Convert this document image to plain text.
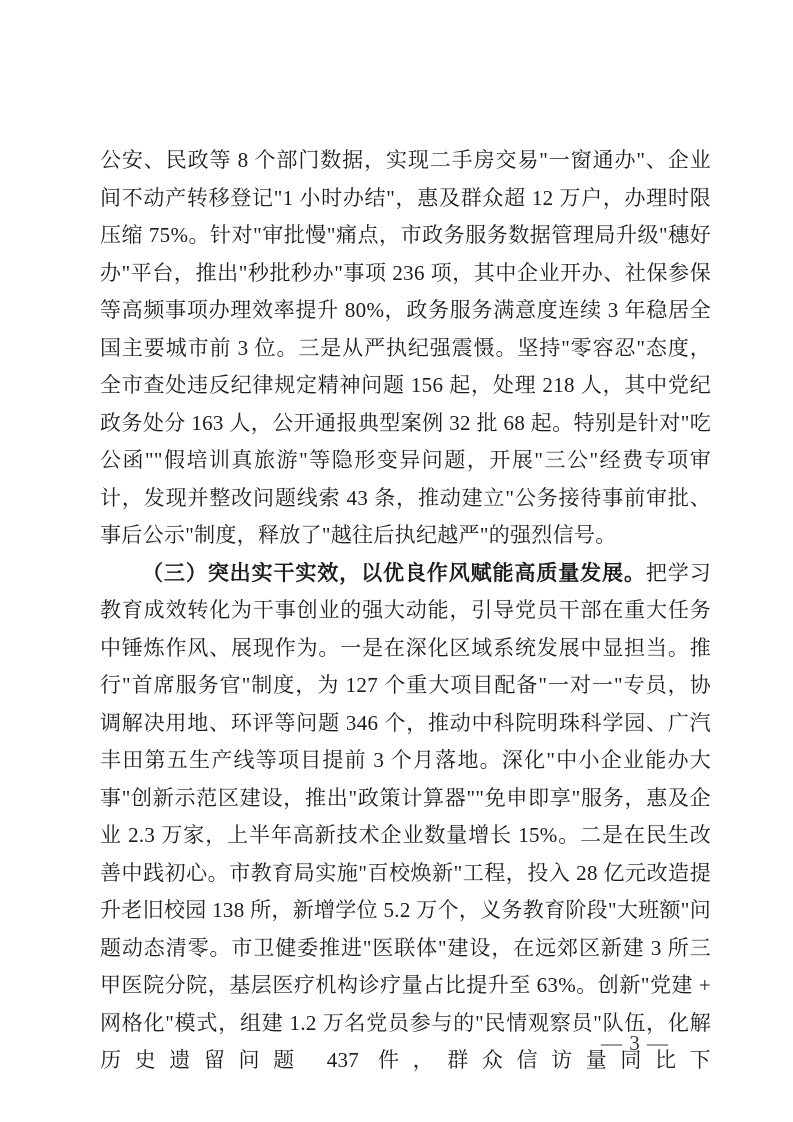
公安、民政等 8 个部门数据，实现二手房交易"一窗通办"、企业间不动产转移登记"1 小时办结"，惠及群众超 12 万户，办理时限压缩 75%。针对"审批慢"痛点，市政务服务数据管理局升级"穗好办"平台，推出"秒批秒办"事项 236 项，其中企业开办、社保参保等高频事项办理效率提升 80%，政务服务满意度连续 3 年稳居全国主要城市前 3 位。三是从严执纪强震慑。坚持"零容忍"态度，全市查处违反纪律规定精神问题 156 起，处理 218 人，其中党纪政务处分 163 人，公开通报典型案例 32 批 68 起。特别是针对"吃公函""假培训真旅游"等隐形变异问题，开展"三公"经费专项审计，发现并整改问题线索 43 条，推动建立"公务接待事前审批、事后公示"制度，释放了"越往后执纪越严"的强烈信号。

（三）突出实干实效，以优良作风赋能高质量发展。把学习教育成效转化为干事创业的强大动能，引导党员干部在重大任务中锤炼作风、展现作为。一是在深化区域系统发展中显担当。推行"首席服务官"制度，为 127 个重大项目配备"一对一"专员，协调解决用地、环评等问题 346 个，推动中科院明珠科学园、广汽丰田第五生产线等项目提前 3 个月落地。深化"中小企业能办大事"创新示范区建设，推出"政策计算器""免申即享"服务，惠及企业 2.3 万家，上半年高新技术企业数量增长 15%。二是在民生改善中践初心。市教育局实施"百校焕新"工程，投入 28 亿元改造提升老旧校园 138 所，新增学位 5.2 万个，义务教育阶段"大班额"问题动态清零。市卫健委推进"医联体"建设，在远郊区新建 3 所三甲医院分院，基层医疗机构诊疗量占比提升至 63%。创新"党建 + 网格化"模式，组建 1.2 万名党员参与的"民情观察员"队伍，化解历史遗留问题 437 件，群众信访量同比下

— 3 —
